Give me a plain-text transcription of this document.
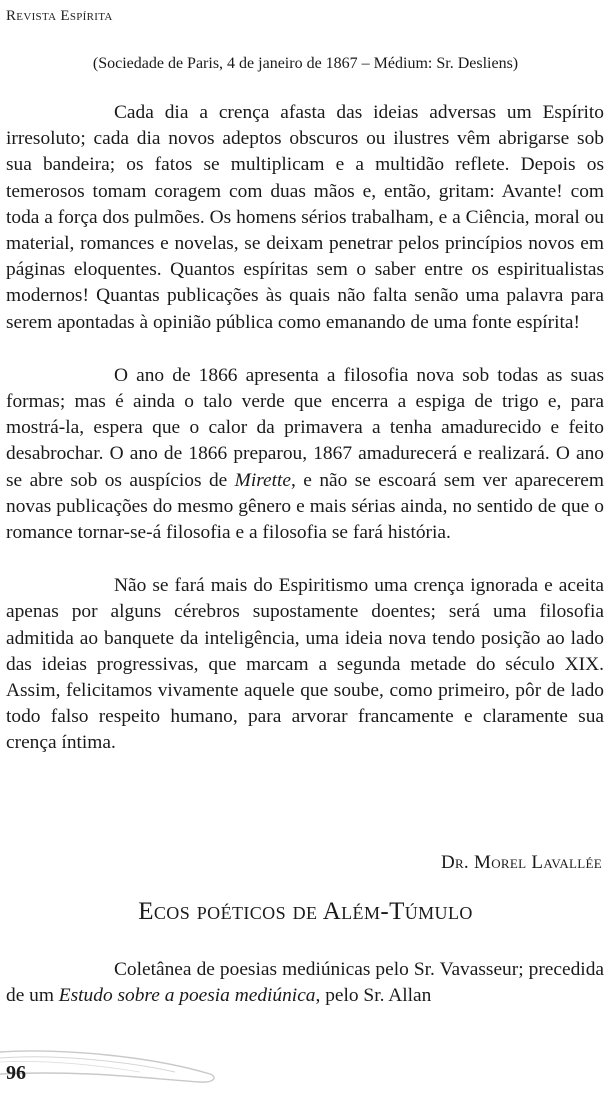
Revista Espírita
(Sociedade de Paris, 4 de janeiro de 1867 – Médium: Sr. Desliens)

Cada dia a crença afasta das ideias adversas um Espírito irresoluto; cada dia novos adeptos obscuros ou ilustres vêm abrigarse sob sua bandeira; os fatos se multiplicam e a multidão reflete. Depois os temerosos tomam coragem com duas mãos e, então, gritam: Avante! com toda a força dos pulmões. Os homens sérios trabalham, e a Ciência, moral ou material, romances e novelas, se deixam penetrar pelos princípios novos em páginas eloquentes. Quantos espíritas sem o saber entre os espiritualistas modernos! Quantas publicações às quais não falta senão uma palavra para serem apontadas à opinião pública como emanando de uma fonte espírita!

O ano de 1866 apresenta a filosofia nova sob todas as suas formas; mas é ainda o talo verde que encerra a espiga de trigo e, para mostrá-la, espera que o calor da primavera a tenha amadurecido e feito desabrochar. O ano de 1866 preparou, 1867 amadurecerá e realizará. O ano se abre sob os auspícios de Mirette, e não se escoará sem ver aparecerem novas publicações do mesmo gênero e mais sérias ainda, no sentido de que o romance tornar-se-á filosofia e a filosofia se fará história.

Não se fará mais do Espiritismo uma crença ignorada e aceita apenas por alguns cérebros supostamente doentes; será uma filosofia admitida ao banquete da inteligência, uma ideia nova tendo posição ao lado das ideias progressivas, que marcam a segunda metade do século XIX. Assim, felicitamos vivamente aquele que soube, como primeiro, pôr de lado todo falso respeito humano, para arvorar francamente e claramente sua crença íntima.

Dr. Morel Lavallée
Ecos poéticos de Além-Túmulo

Coletânea de poesias mediúnicas pelo Sr. Vavasseur; precedida de um Estudo sobre a poesia mediúnica, pelo Sr. Allan

96
